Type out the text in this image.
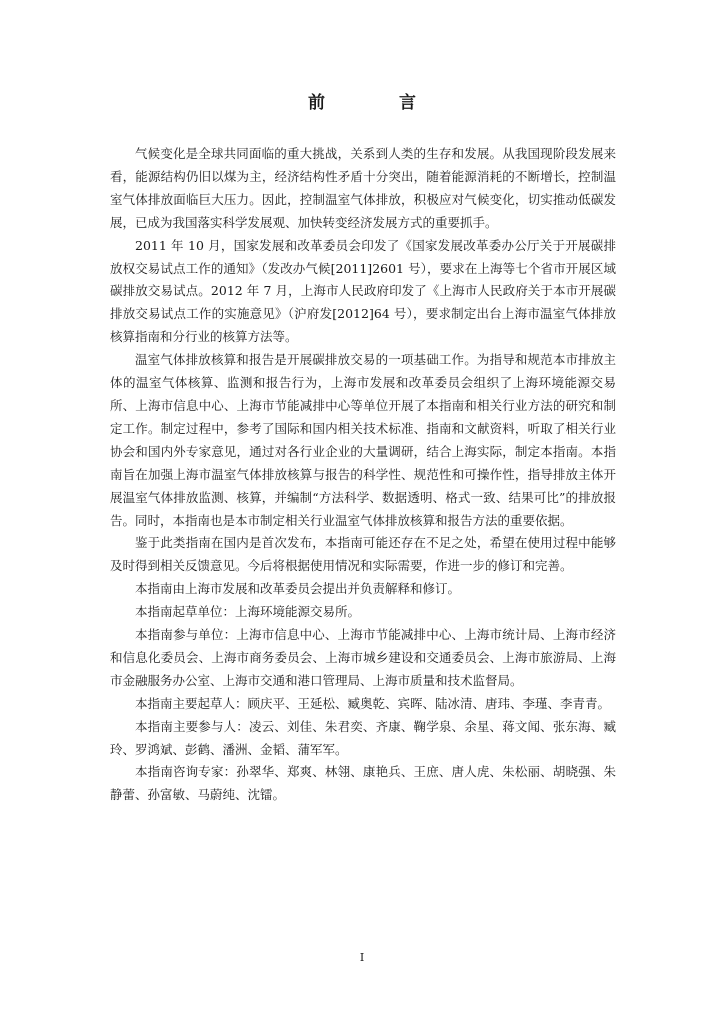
前 言

气候变化是全球共同面临的重大挑战，关系到人类的生存和发展。从我国现阶段发展来看，能源结构仍旧以煤为主，经济结构性矛盾十分突出，随着能源消耗的不断增长，控制温室气体排放面临巨大压力。因此，控制温室气体排放，积极应对气候变化，切实推动低碳发展，已成为我国落实科学发展观、加快转变经济发展方式的重要抓手。

2011 年 10 月，国家发展和改革委员会印发了《国家发展改革委办公厅关于开展碳排放权交易试点工作的通知》（发改办气候[2011]2601 号），要求在上海等七个省市开展区域碳排放交易试点。2012 年 7 月，上海市人民政府印发了《上海市人民政府关于本市开展碳排放交易试点工作的实施意见》（沪府发[2012]64 号），要求制定出台上海市温室气体排放核算指南和分行业的核算方法等。

温室气体排放核算和报告是开展碳排放交易的一项基础工作。为指导和规范本市排放主体的温室气体核算、监测和报告行为，上海市发展和改革委员会组织了上海环境能源交易所、上海市信息中心、上海市节能减排中心等单位开展了本指南和相关行业方法的研究和制定工作。制定过程中，参考了国际和国内相关技术标准、指南和文献资料，听取了相关行业协会和国内外专家意见，通过对各行业企业的大量调研，结合上海实际，制定本指南。本指南旨在加强上海市温室气体排放核算与报告的科学性、规范性和可操作性，指导排放主体开展温室气体排放监测、核算，并编制“方法科学、数据透明、格式一致、结果可比”的排放报告。同时，本指南也是本市制定相关行业温室气体排放核算和报告方法的重要依据。

鉴于此类指南在国内是首次发布，本指南可能还存在不足之处，希望在使用过程中能够及时得到相关反馈意见。今后将根据使用情况和实际需要，作进一步的修订和完善。

本指南由上海市发展和改革委员会提出并负责解释和修订。

本指南起草单位：上海环境能源交易所。

本指南参与单位：上海市信息中心、上海市节能减排中心、上海市统计局、上海市经济和信息化委员会、上海市商务委员会、上海市城乡建设和交通委员会、上海市旅游局、上海市金融服务办公室、上海市交通和港口管理局、上海市质量和技术监督局。

本指南主要起草人：顾庆平、王延松、臧奥乾、宾晖、陆冰清、唐玮、李瑾、李青青。

本指南主要参与人：凌云、刘佳、朱君奕、齐康、鞠学泉、余星、蒋文闻、张东海、臧玲、罗鸿斌、彭鹤、潘洲、金韬、蒲军军。

本指南咨询专家：孙翠华、郑爽、林翎、康艳兵、王庶、唐人虎、朱松丽、胡晓强、朱静蕾、孙富敏、马蔚纯、沈镭。

I
